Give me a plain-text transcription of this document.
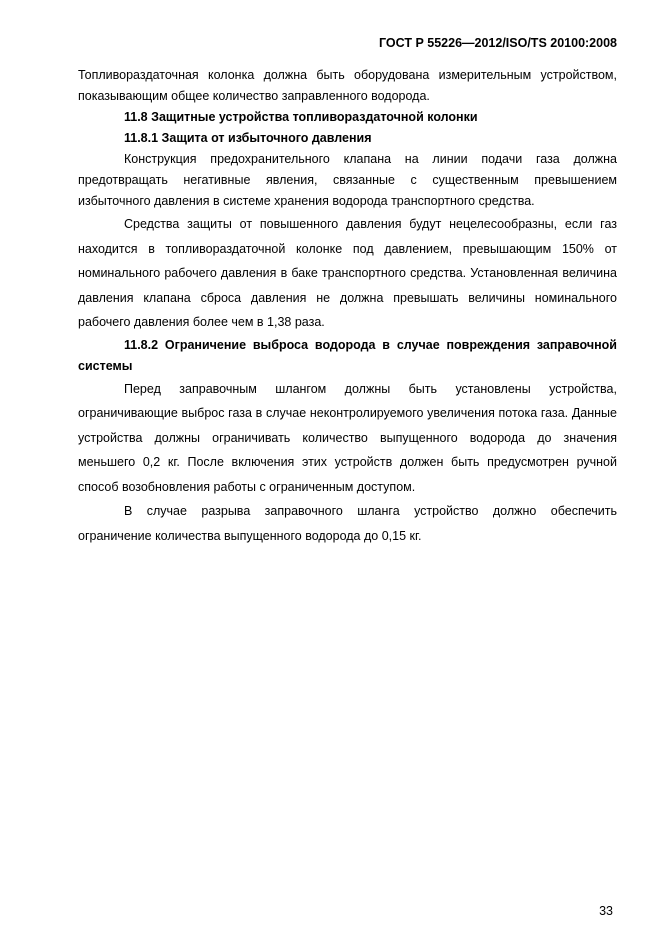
ГОСТ Р 55226—2012/ISO/TS 20100:2008

Топливораздаточная колонка должна быть оборудована измерительным устройством, показывающим общее количество заправленного водорода.

11.8 Защитные устройства топливораздаточной колонки

11.8.1 Защита от избыточного давления

Конструкция предохранительного клапана на линии подачи газа должна предотвращать негативные явления, связанные с существенным превышением избыточного давления в системе хранения водорода транспортного средства.

Средства защиты от повышенного давления будут нецелесообразны, если газ находится в топливораздаточной колонке под давлением, превышающим 150% от номинального рабочего давления в баке транспортного средства. Установленная величина давления клапана сброса давления не должна превышать величины номинального рабочего давления более чем в 1,38 раза.

11.8.2 Ограничение выброса водорода в случае повреждения заправочной системы

Перед заправочным шлангом должны быть установлены устройства, ограничивающие выброс газа в случае неконтролируемого увеличения потока газа. Данные устройства должны ограничивать количество выпущенного водорода до значения меньшего 0,2 кг. После включения этих устройств должен быть предусмотрен ручной способ возобновления работы с ограниченным доступом.

В случае разрыва заправочного шланга устройство должно обеспечить ограничение количества выпущенного водорода до 0,15 кг.

33
